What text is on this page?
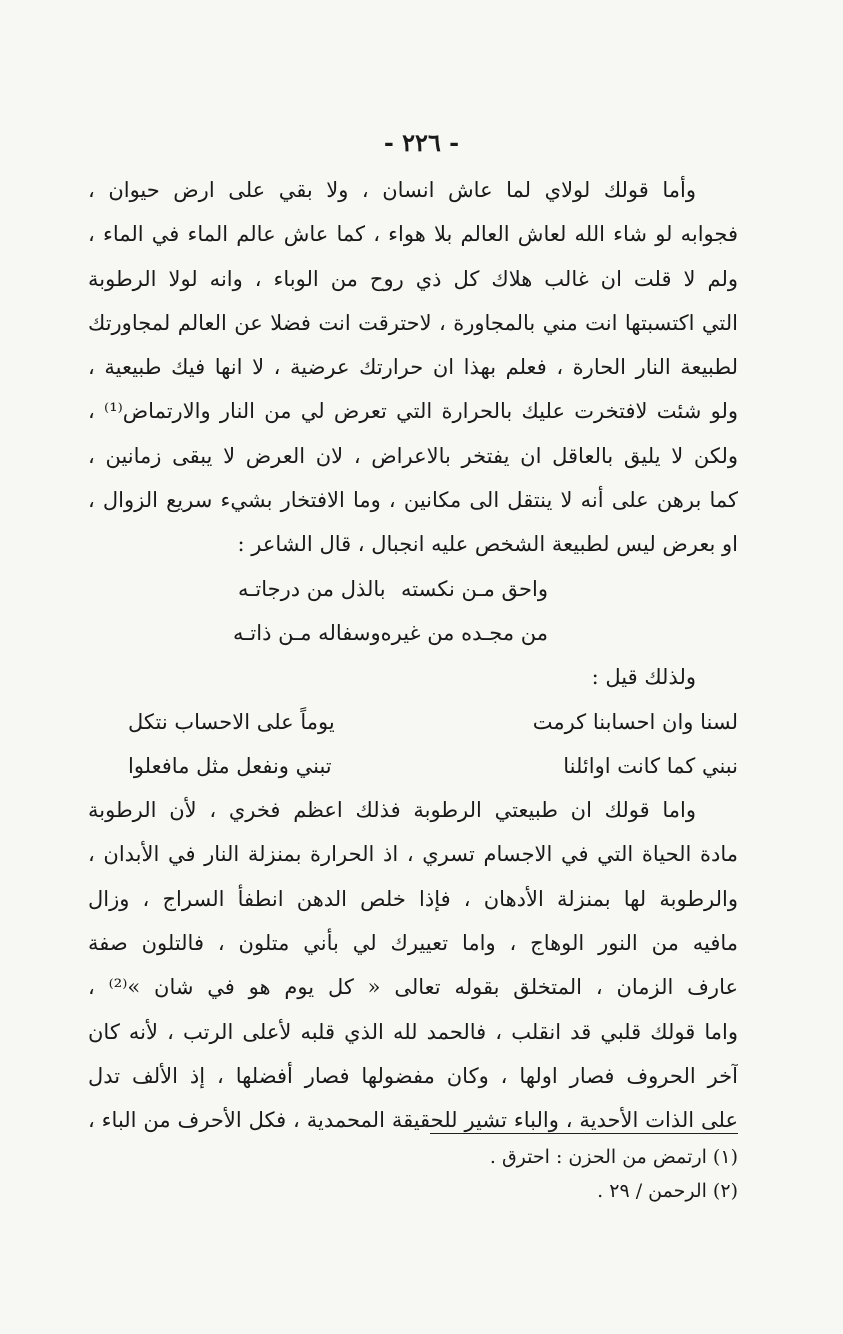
- ٢٢٦ -
وأما قولك لولاي لما عاش انسان ، ولا بقي على ارض حيوان ،
فجوابه لو شاء الله لعاش العالم بلا هواء ، كما عاش عالم الماء في الماء ،
ولم لا قلت ان غالب هلاك كل ذي روح من الوباء ، وانه لولا الرطوبة
التي اكتسبتها انت مني بالمجاورة ، لاحترقت انت فضلا عن العالم لمجاورتك
لطبيعة النار الحارة ، فعلم بهذا ان حرارتك عرضية ، لا انها فيك طبيعية ،
ولو شئت لافتخرت عليك بالحرارة التي تعرض لي من النار والارتماض⁽¹⁾ ،
ولكن لا يليق بالعاقل ان يفتخر بالاعراض ، لان العرض لا يبقى زمانين ،
كما برهن على أنه لا ينتقل الى مكانين ، وما الافتخار بشيء سريع الزوال ،
او بعرض ليس لطبيعة الشخص عليه انجبال ، قال الشاعر :
واحق مـن نكسته
بالذل من درجاتـه
من مجـده من غيره
وسفاله مـن ذاتـه
ولذلك قيل :
لسنا وان احسابنا كرمت
يوماً على الاحساب نتكل
نبني كما كانت اوائلنا
تبني ونفعل مثل مافعلوا
واما قولك ان طبيعتي الرطوبة فذلك اعظم فخري ، لأن الرطوبة
مادة الحياة التي في الاجسام تسري ، اذ الحرارة بمنزلة النار في الأبدان ،
والرطوبة لها بمنزلة الأدهان ، فإذا خلص الدهن انطفأ السراج ، وزال
مافيه من النور الوهاج ، واما تعييرك لي بأني متلون ، فالتلون صفة
عارف الزمان ، المتخلق بقوله تعالى « كل يوم هو في شان »⁽²⁾ ،
واما قولك قلبي قد انقلب ، فالحمد لله الذي قلبه لأعلى الرتب ، لأنه كان
آخر الحروف فصار اولها ، وكان مفضولها فصار أفضلها ، إذ الألف تدل
على الذات الأحدية ، والباء تشير للحقيقة المحمدية ، فكل الأحرف من الباء ،
(١) ارتمض من الحزن : احترق .
(٢) الرحمن / ٢٩ .
